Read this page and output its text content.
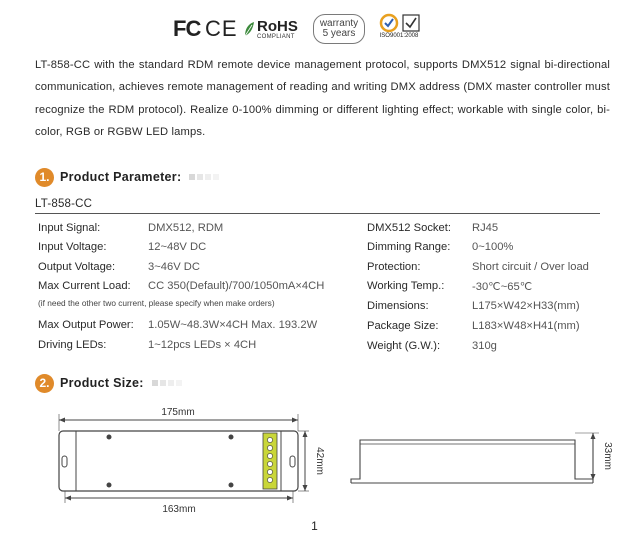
FC CE RoHS
COMPLIANT
warranty
5 years	ISO9001:2008

LT-858-CC with the standard RDM remote device management protocol, supports DMX512 signal bi-directional communication, achieves remote management of reading and writing DMX address (DMX master controller must recognize the RDM protocol). Realize 0-100% dimming or different lighting effect; workable with single color, bi-color, RGB or RGBW LED lamps.

1. Product Parameter:
LT-858-CC
Input Signal:	DMX512, RDM
Input Voltage:	12~48V DC
Output Voltage:	3~46V DC
Max Current Load: CC 350(Default)/700/1050mA×4CH
(if need the other two current, please specify when make orders)
Max Output Power: 1.05W~48.3W×4CH Max. 193.2W
Driving LEDs:	1~12pcs LEDs × 4CH
DMX512 Socket: RJ45
Dimming Range: 0~100%
Protection:	Short circuit / Over load
Working Temp.: -30℃~65℃
Dimensions:	L175×W42×H33(mm)
Package Size:	L183×W48×H41(mm)
Weight (G.W.):	310g
2. Product Size:
175mm
163mm
42mm	33mm
1
